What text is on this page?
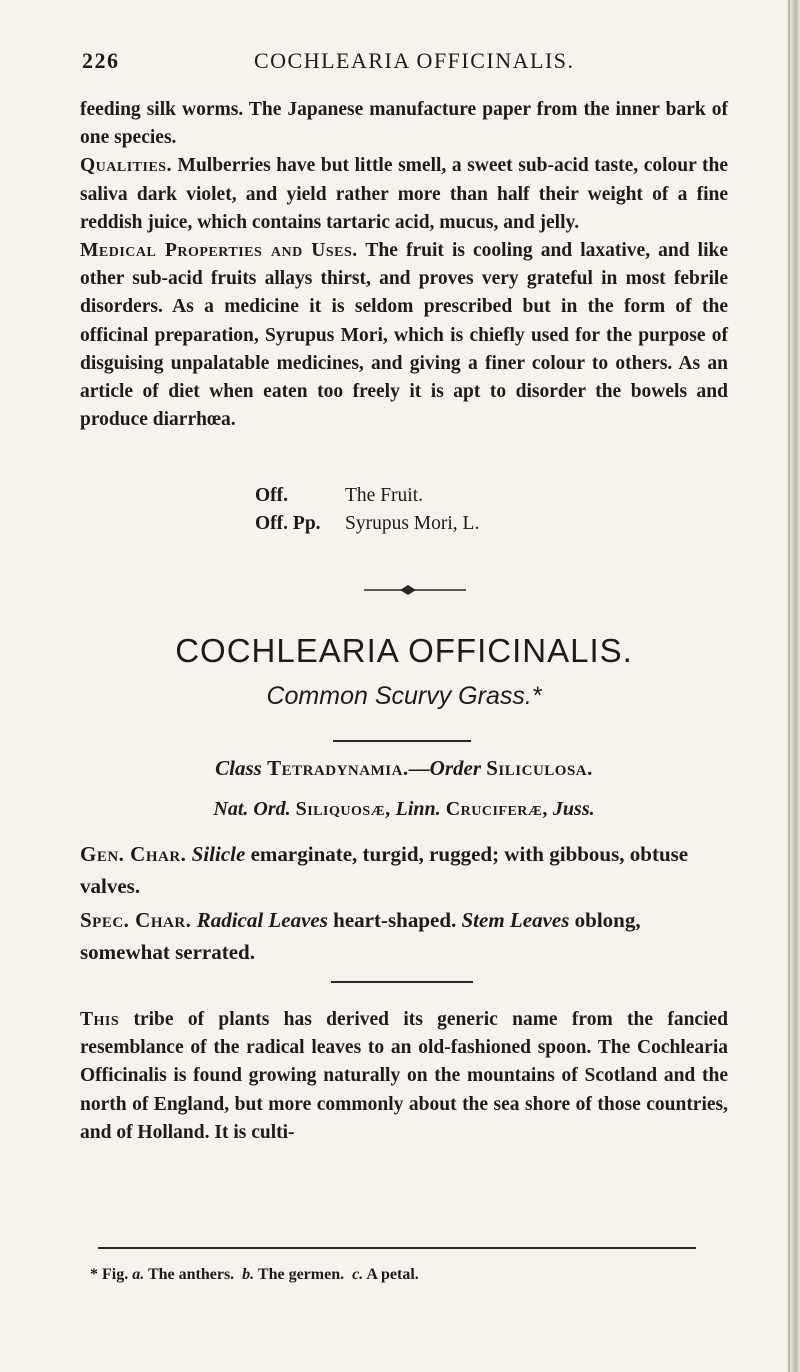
226	COCHLEARIA OFFICINALIS.

feeding silk worms. The Japanese manufacture paper from the inner bark of one species.

Qualities. Mulberries have but little smell, a sweet sub-acid taste, colour the saliva dark violet, and yield rather more than half their weight of a fine reddish juice, which contains tartaric acid, mucus, and jelly.

Medical Properties and Uses. The fruit is cooling and laxative, and like other sub-acid fruits allays thirst, and proves very grateful in most febrile disorders. As a medicine it is seldom prescribed but in the form of the officinal preparation, Syrupus Mori, which is chiefly used for the purpose of disguising unpalatable medicines, and giving a finer colour to others. As an article of diet when eaten too freely it is apt to disorder the bowels and produce diarrhœa.

Off.	The Fruit.
Off. Pp. Syrupus Mori, L.
COCHLEARIA OFFICINALIS.
Common Scurvy Grass.*
Class Tetradynamia.—Order Siliculosa.
Nat. Ord. Siliquosæ, Linn. Cruciferæ, Juss.
Gen. Char. Silicle emarginate, turgid, rugged; with gibbous, obtuse valves.
Spec. Char. Radical Leaves heart-shaped. Stem Leaves oblong, somewhat serrated.

This tribe of plants has derived its generic name from the fancied resemblance of the radical leaves to an old-fashioned spoon. The Cochlearia Officinalis is found growing naturally on the mountains of Scotland and the north of England, but more commonly about the sea shore of those countries, and of Holland. It is culti-

* Fig. a. The anthers. b. The germen. c. A petal.
